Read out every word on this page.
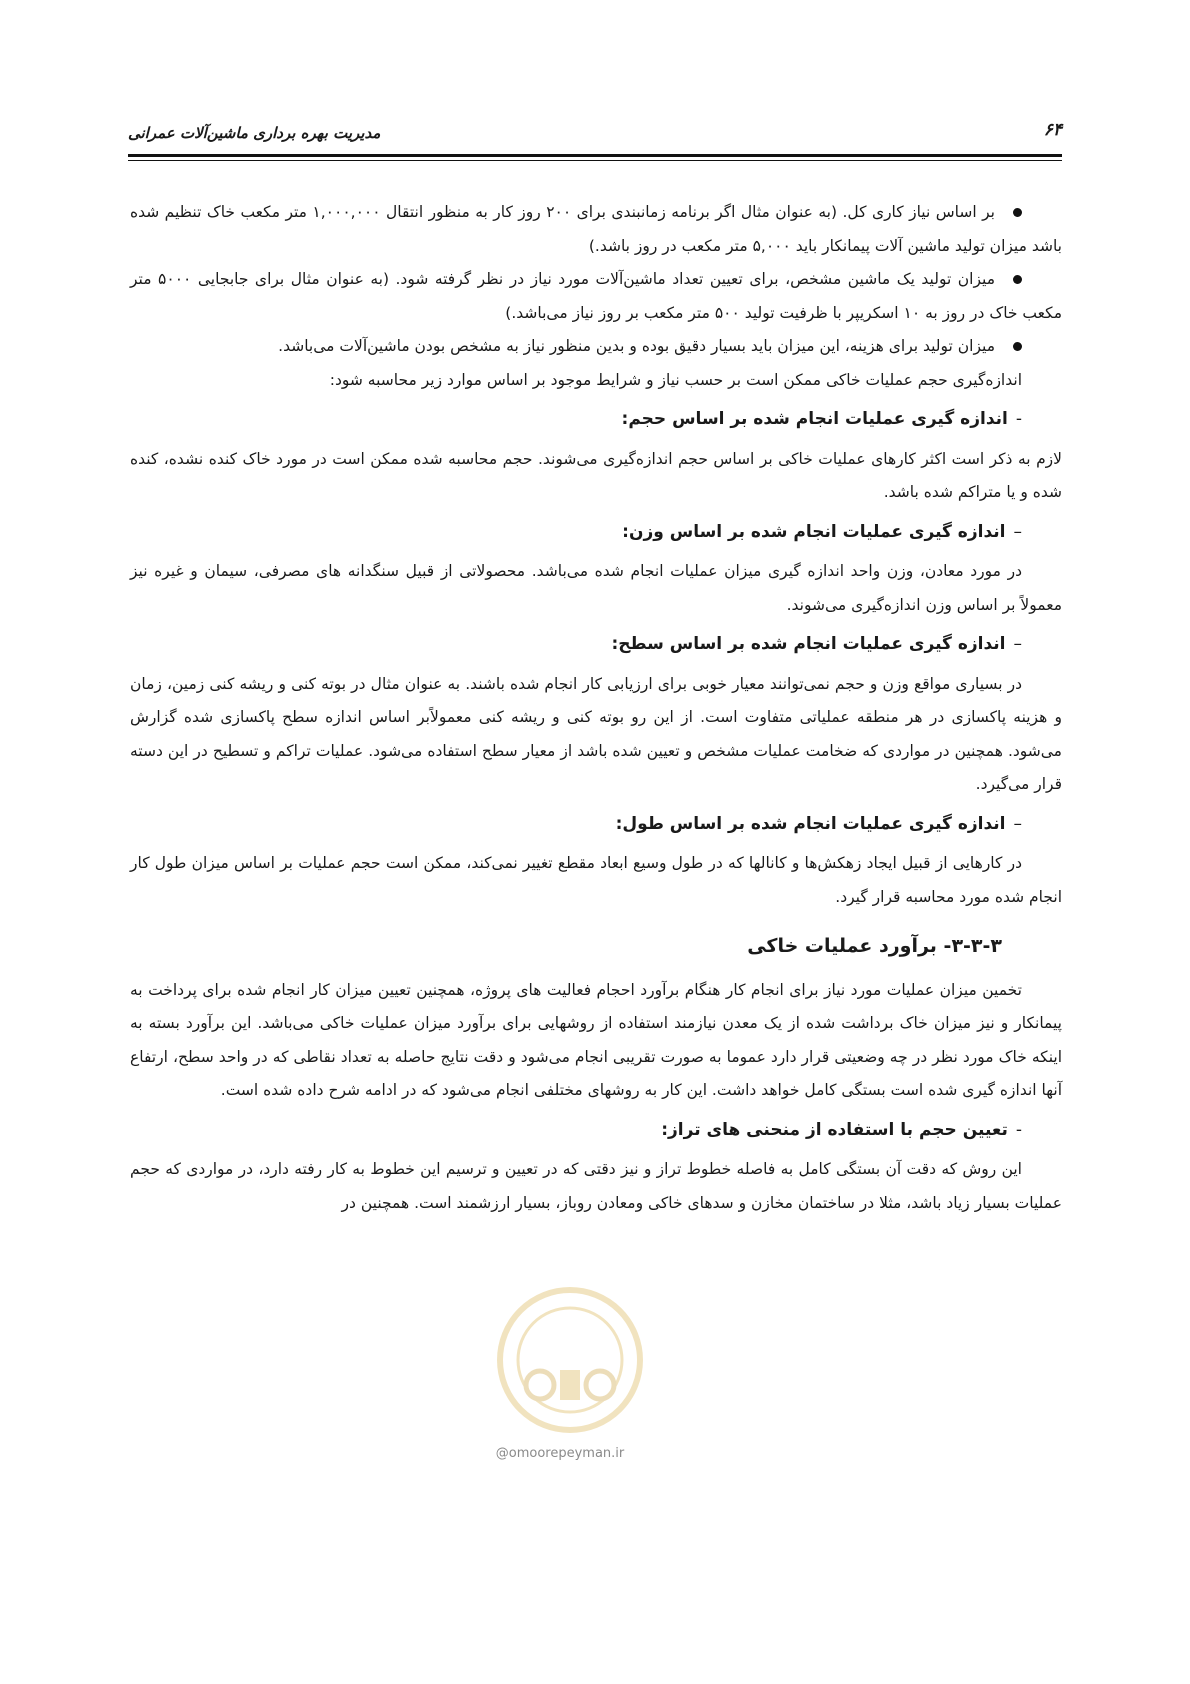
۶۴
مدیریت بهره برداری ماشین‌آلات عمرانی

بر اساس نیاز کاری کل. (به عنوان مثال اگر برنامه زمانبندی برای ۲۰۰ روز کار به منظور انتقال ۱,۰۰۰,۰۰۰ متر مکعب خاک تنظیم شده باشد میزان تولید ماشین آلات پیمانکار باید ۵,۰۰۰ متر مکعب در روز باشد.)

میزان تولید یک ماشین مشخص، برای تعیین تعداد ماشین‌آلات مورد نیاز در نظر گرفته شود. (به عنوان مثال برای جابجایی ۵۰۰۰ متر مکعب خاک در روز به ۱۰ اسکریپر با ظرفیت تولید ۵۰۰ متر مکعب بر روز نیاز می‌باشد.)

میزان تولید برای هزینه، این میزان باید بسیار دقیق بوده و بدین منظور نیاز به مشخص بودن ماشین‌آلات می‌باشد.

اندازه‌گیری حجم عملیات خاکی ممکن است بر حسب نیاز و شرایط موجود بر اساس موارد زیر محاسبه شود:

-اندازه گیری عملیات انجام شده بر اساس حجم:

لازم به ذکر است اکثر کارهای عملیات خاکی بر اساس حجم اندازه‌گیری می‌شوند. حجم محاسبه شده ممکن است در مورد خاک کنده نشده، کنده شده و یا متراکم شده باشد.

–اندازه گیری عملیات انجام شده بر اساس وزن:

در مورد معادن، وزن واحد اندازه گیری میزان عملیات انجام شده می‌باشد. محصولاتی از قبیل سنگدانه های مصرفی، سیمان و غیره نیز معمولاً بر اساس وزن اندازه‌گیری می‌شوند.

–اندازه گیری عملیات انجام شده بر اساس سطح:

در بسیاری مواقع وزن و حجم نمی‌توانند معیار خوبی برای ارزیابی کار انجام شده باشند. به عنوان مثال در بوته کنی و ریشه کنی زمین، زمان و هزینه پاکسازی در هر منطقه عملیاتی متفاوت است. از این رو بوته کنی و ریشه کنی معمولاًبر اساس اندازه سطح پاکسازی شده گزارش می‌شود. همچنین در مواردی که ضخامت عملیات مشخص و تعیین شده باشد از معیار سطح استفاده می‌شود. عملیات تراکم و تسطیح در این دسته قرار می‌گیرد.

–اندازه گیری عملیات انجام شده بر اساس طول:

در کارهایی از قبیل ایجاد زهکش‌ها و کانالها که در طول وسیع ابعاد مقطع تغییر نمی‌کند، ممکن است حجم عملیات بر اساس میزان طول کار انجام شده مورد محاسبه قرار گیرد.

۳-۳-۳- برآورد عملیات خاکی

تخمین میزان عملیات مورد نیاز برای انجام کار هنگام برآورد احجام فعالیت های پروژه، همچنین تعیین میزان کار انجام شده برای پرداخت به پیمانکار و نیز میزان خاک برداشت شده از یک معدن نیازمند استفاده از روشهایی برای برآورد میزان عملیات خاکی می‌باشد. این برآورد بسته به اینکه خاک مورد نظر در چه وضعیتی قرار دارد عموما به صورت تقریبی انجام می‌شود و دقت نتایج حاصله به تعداد نقاطی که در واحد سطح، ارتفاع آنها اندازه گیری شده است بستگی کامل خواهد داشت. این کار به روشهای مختلفی انجام می‌شود که در ادامه شرح داده شده است.

-تعیین حجم با استفاده از منحنی های تراز:

این روش که دقت آن بستگی کامل به فاصله خطوط تراز و نیز دقتی که در تعیین و ترسیم این خطوط به کار رفته دارد، در مواردی که حجم عملیات بسیار زیاد باشد، مثلا در ساختمان مخازن و سدهای خاکی ومعادن روباز، بسیار ارزشمند است. همچنین در

@omoorepeyman.ir
